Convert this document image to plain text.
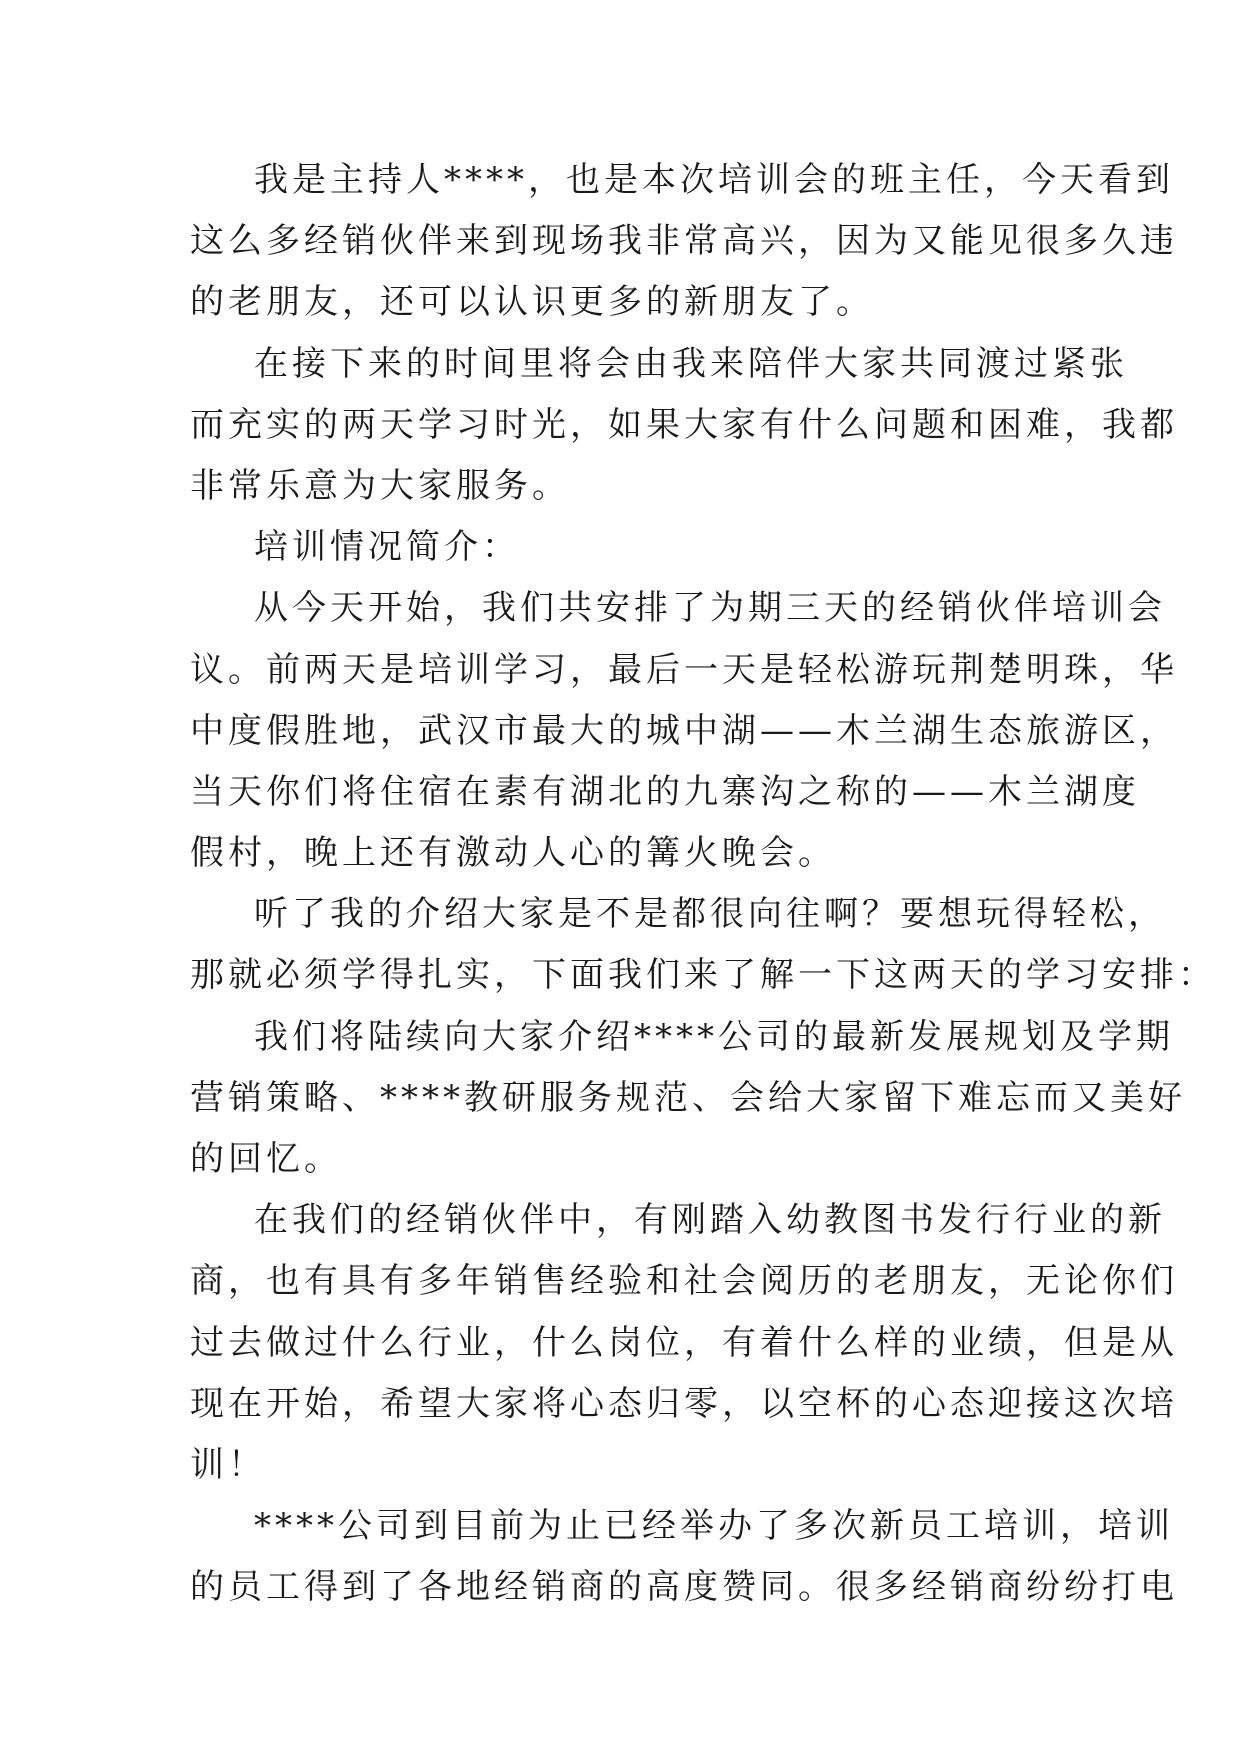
我是主持人****，也是本次培训会的班主任，今天看到
这么多经销伙伴来到现场我非常高兴，因为又能见很多久违
的老朋友，还可以认识更多的新朋友了。
在接下来的时间里将会由我来陪伴大家共同渡过紧张
而充实的两天学习时光，如果大家有什么问题和困难，我都
非常乐意为大家服务。
培训情况简介：
从今天开始，我们共安排了为期三天的经销伙伴培训会
议。前两天是培训学习，最后一天是轻松游玩荆楚明珠，华
中度假胜地，武汉市最大的城中湖——木兰湖生态旅游区，
当天你们将住宿在素有湖北的九寨沟之称的——木兰湖度
假村，晚上还有激动人心的篝火晚会。
听了我的介绍大家是不是都很向往啊？要想玩得轻松，
那就必须学得扎实，下面我们来了解一下这两天的学习安排：
我们将陆续向大家介绍****公司的最新发展规划及学期
营销策略、****教研服务规范、会给大家留下难忘而又美好
的回忆。
在我们的经销伙伴中，有刚踏入幼教图书发行行业的新
商，也有具有多年销售经验和社会阅历的老朋友，无论你们
过去做过什么行业，什么岗位，有着什么样的业绩，但是从
现在开始，希望大家将心态归零，以空杯的心态迎接这次培
训！
****公司到目前为止已经举办了多次新员工培训，培训
的员工得到了各地经销商的高度赞同。很多经销商纷纷打电
